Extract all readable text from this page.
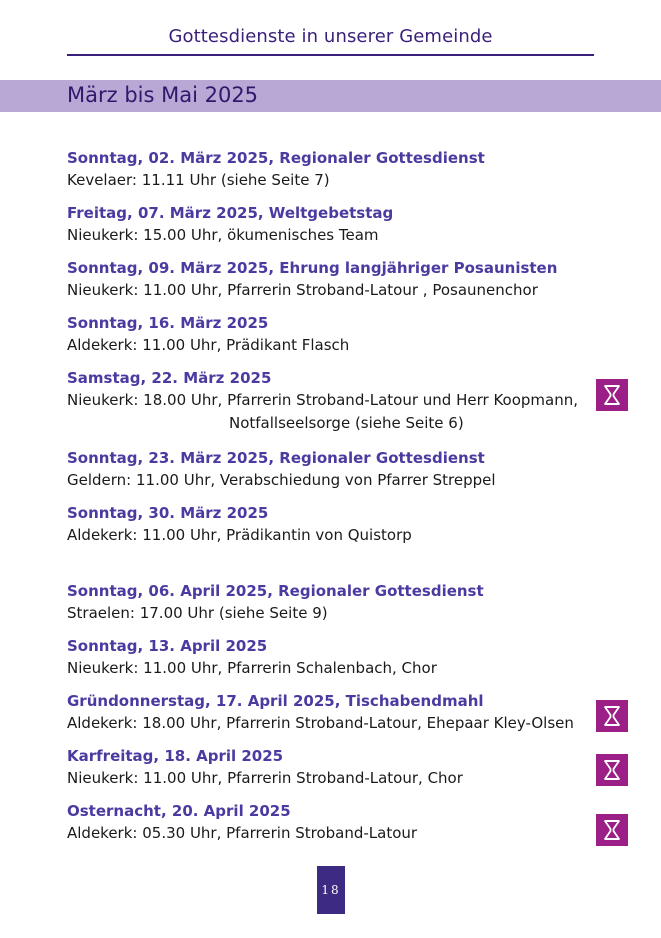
Gottesdienste in unserer Gemeinde
März bis Mai 2025
Sonntag, 02. März 2025, Regionaler Gottesdienst
Kevelaer: 11.11 Uhr (siehe Seite 7)
Freitag, 07. März 2025, Weltgebetstag
Nieukerk: 15.00 Uhr, ökumenisches Team
Sonntag, 09. März 2025, Ehrung langjähriger Posaunisten
Nieukerk: 11.00 Uhr, Pfarrerin Stroband-Latour , Posaunenchor
Sonntag, 16. März 2025
Aldekerk: 11.00 Uhr, Prädikant Flasch
Samstag, 22. März 2025
Nieukerk: 18.00 Uhr, Pfarrerin Stroband-Latour und Herr Koopmann,
Notfallseelsorge (siehe Seite 6)
Sonntag, 23. März 2025, Regionaler Gottesdienst
Geldern: 11.00 Uhr, Verabschiedung von Pfarrer Streppel
Sonntag, 30. März 2025
Aldekerk: 11.00 Uhr, Prädikantin von Quistorp
Sonntag, 06. April 2025, Regionaler Gottesdienst
Straelen: 17.00 Uhr (siehe Seite 9)
Sonntag, 13. April 2025
Nieukerk: 11.00 Uhr, Pfarrerin Schalenbach, Chor
Gründonnerstag, 17. April 2025, Tischabendmahl
Aldekerk: 18.00 Uhr, Pfarrerin Stroband-Latour, Ehepaar Kley-Olsen
Karfreitag, 18. April 2025
Nieukerk: 11.00 Uhr, Pfarrerin Stroband-Latour, Chor
Osternacht, 20. April 2025
Aldekerk: 05.30 Uhr, Pfarrerin Stroband-Latour
18
